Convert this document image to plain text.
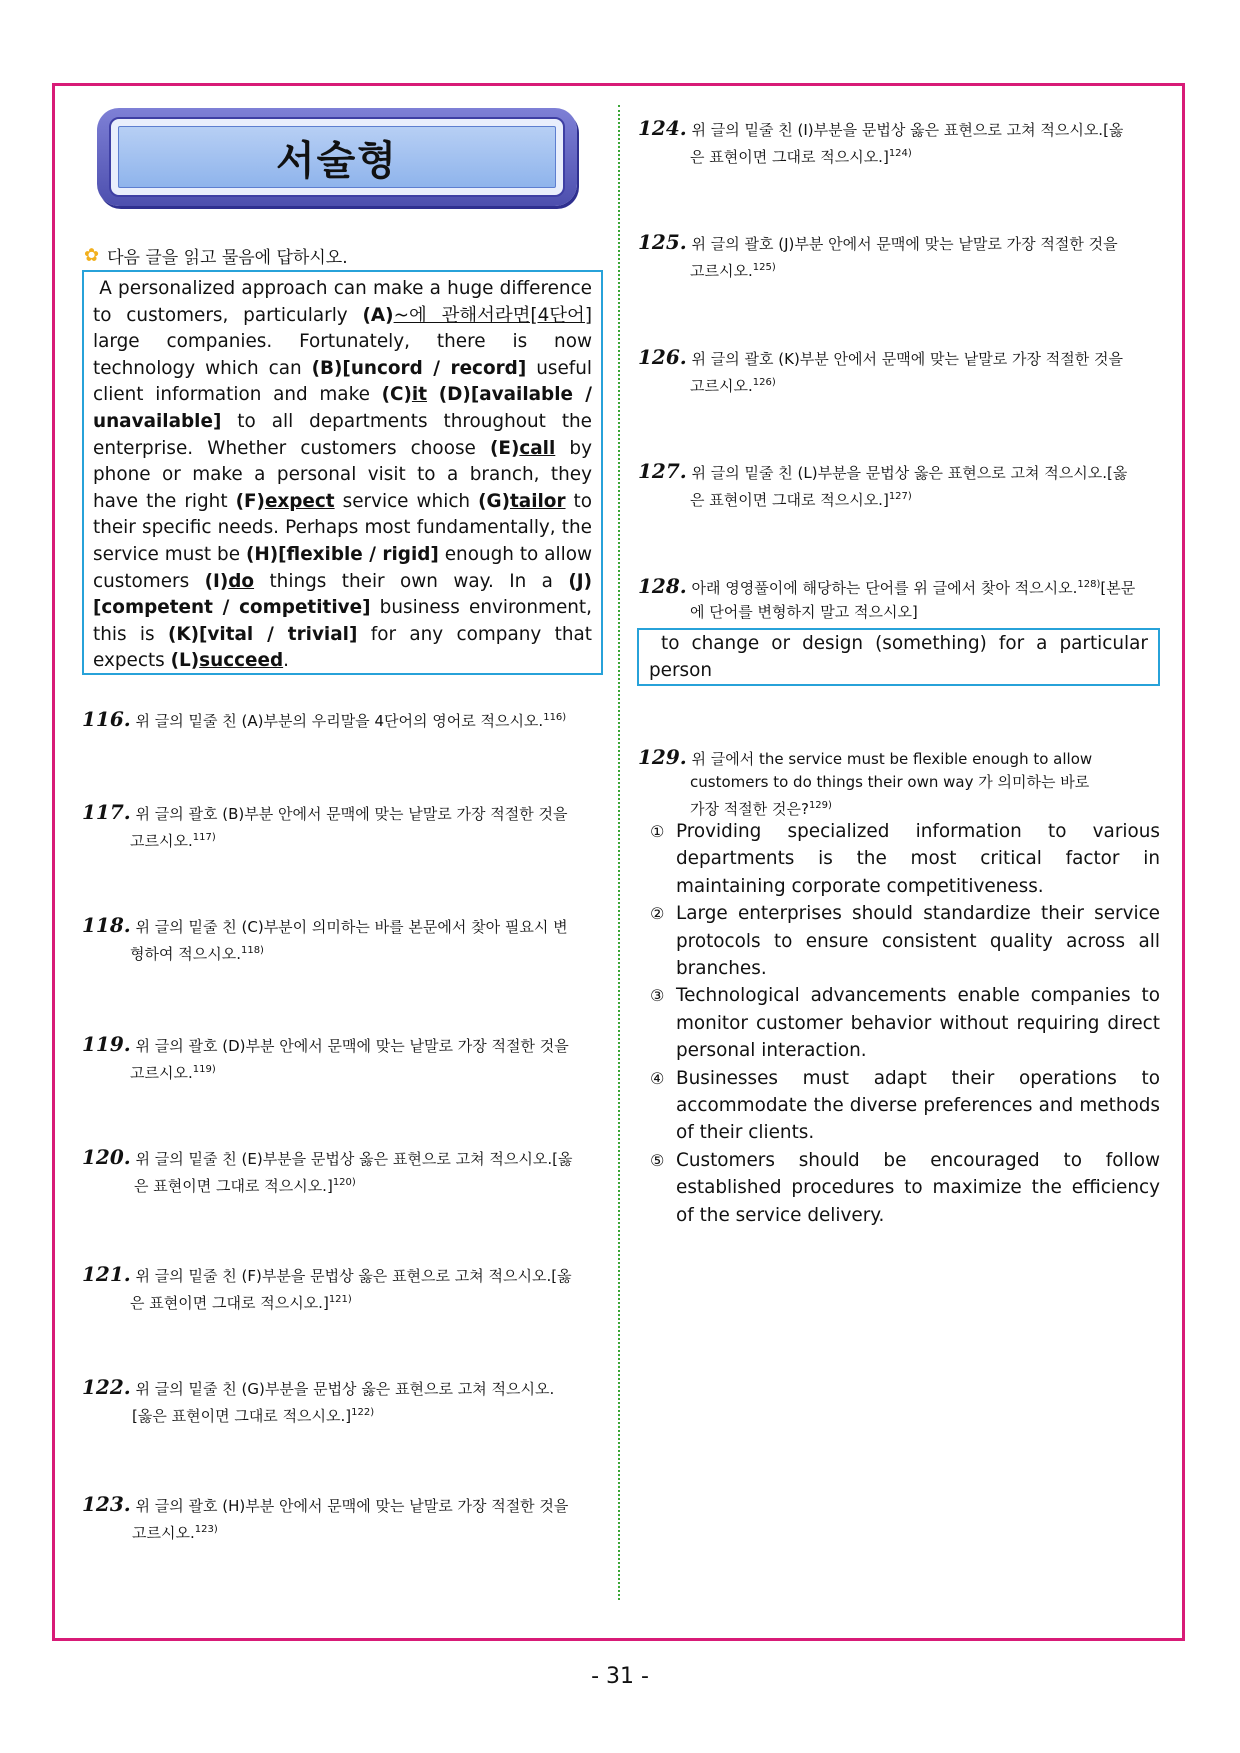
서술형
✿ 다음 글을 읽고 물음에 답하시오.
A personalized approach can make a huge difference to customers, particularly (A)~에 관해서라면[4단어] large companies. Fortunately, there is now technology which can (B)[uncord / record] useful client information and make (C)it (D)[available / unavailable] to all departments throughout the enterprise. Whether customers choose (E)call by phone or make a personal visit to a branch, they have the right (F)expect service which (G)tailor to their specific needs. Perhaps most fundamentally, the service must be (H)[flexible / rigid] enough to allow customers (I)do things their own way. In a (J)[competent / competitive] business environment, this is (K)[vital / trivial] for any company that expects (L)succeed.
116. 위 글의 밑줄 친 (A)부분의 우리말을 4단어의 영어로 적으시오.$^{116)}$
117. 위 글의 괄호 (B)부분 안에서 문맥에 맞는 낱말로 가장 적절한 것을
고르시오.$^{117)}$
118. 위 글의 밑줄 친 (C)부분이 의미하는 바를 본문에서 찾아 필요시 변
형하여 적으시오.$^{118)}$
119. 위 글의 괄호 (D)부분 안에서 문맥에 맞는 낱말로 가장 적절한 것을
고르시오.$^{119)}$
120. 위 글의 밑줄 친 (E)부분을 문법상 옳은 표현으로 고쳐 적으시오.[옳
은 표현이면 그대로 적으시오.]$^{120)}$
121. 위 글의 밑줄 친 (F)부분을 문법상 옳은 표현으로 고쳐 적으시오.[옳
은 표현이면 그대로 적으시오.]$^{121)}$
122. 위 글의 밑줄 친 (G)부분을 문법상 옳은 표현으로 고쳐 적으시오.
[옳은 표현이면 그대로 적으시오.]$^{122)}$
123. 위 글의 괄호 (H)부분 안에서 문맥에 맞는 낱말로 가장 적절한 것을
고르시오.$^{123)}$
124. 위 글의 밑줄 친 (I)부분을 문법상 옳은 표현으로 고쳐 적으시오.[옳
은 표현이면 그대로 적으시오.]$^{124)}$
125. 위 글의 괄호 (J)부분 안에서 문맥에 맞는 낱말로 가장 적절한 것을
고르시오.$^{125)}$
126. 위 글의 괄호 (K)부분 안에서 문맥에 맞는 낱말로 가장 적절한 것을
고르시오.$^{126)}$
127. 위 글의 밑줄 친 (L)부분을 문법상 옳은 표현으로 고쳐 적으시오.[옳
은 표현이면 그대로 적으시오.]$^{127)}$
128. 아래 영영풀이에 해당하는 단어를 위 글에서 찾아 적으시오.$^{128)}$[본문
에 단어를 변형하지 말고 적으시오]
to change or design (something) for a particular person
129. 위 글에서 the service must be flexible enough to allow
customers to do things their own way 가 의미하는 바로
가장 적절한 것은?$^{129)}$
① Providing specialized information to various departments is the most critical factor in maintaining corporate competitiveness.
② Large enterprises should standardize their service protocols to ensure consistent quality across all branches.
③ Technological advancements enable companies to monitor customer behavior without requiring direct personal interaction.
④ Businesses must adapt their operations to accommodate the diverse preferences and methods of their clients.
⑤ Customers should be encouraged to follow established procedures to maximize the efficiency of the service delivery.
- 31 -
